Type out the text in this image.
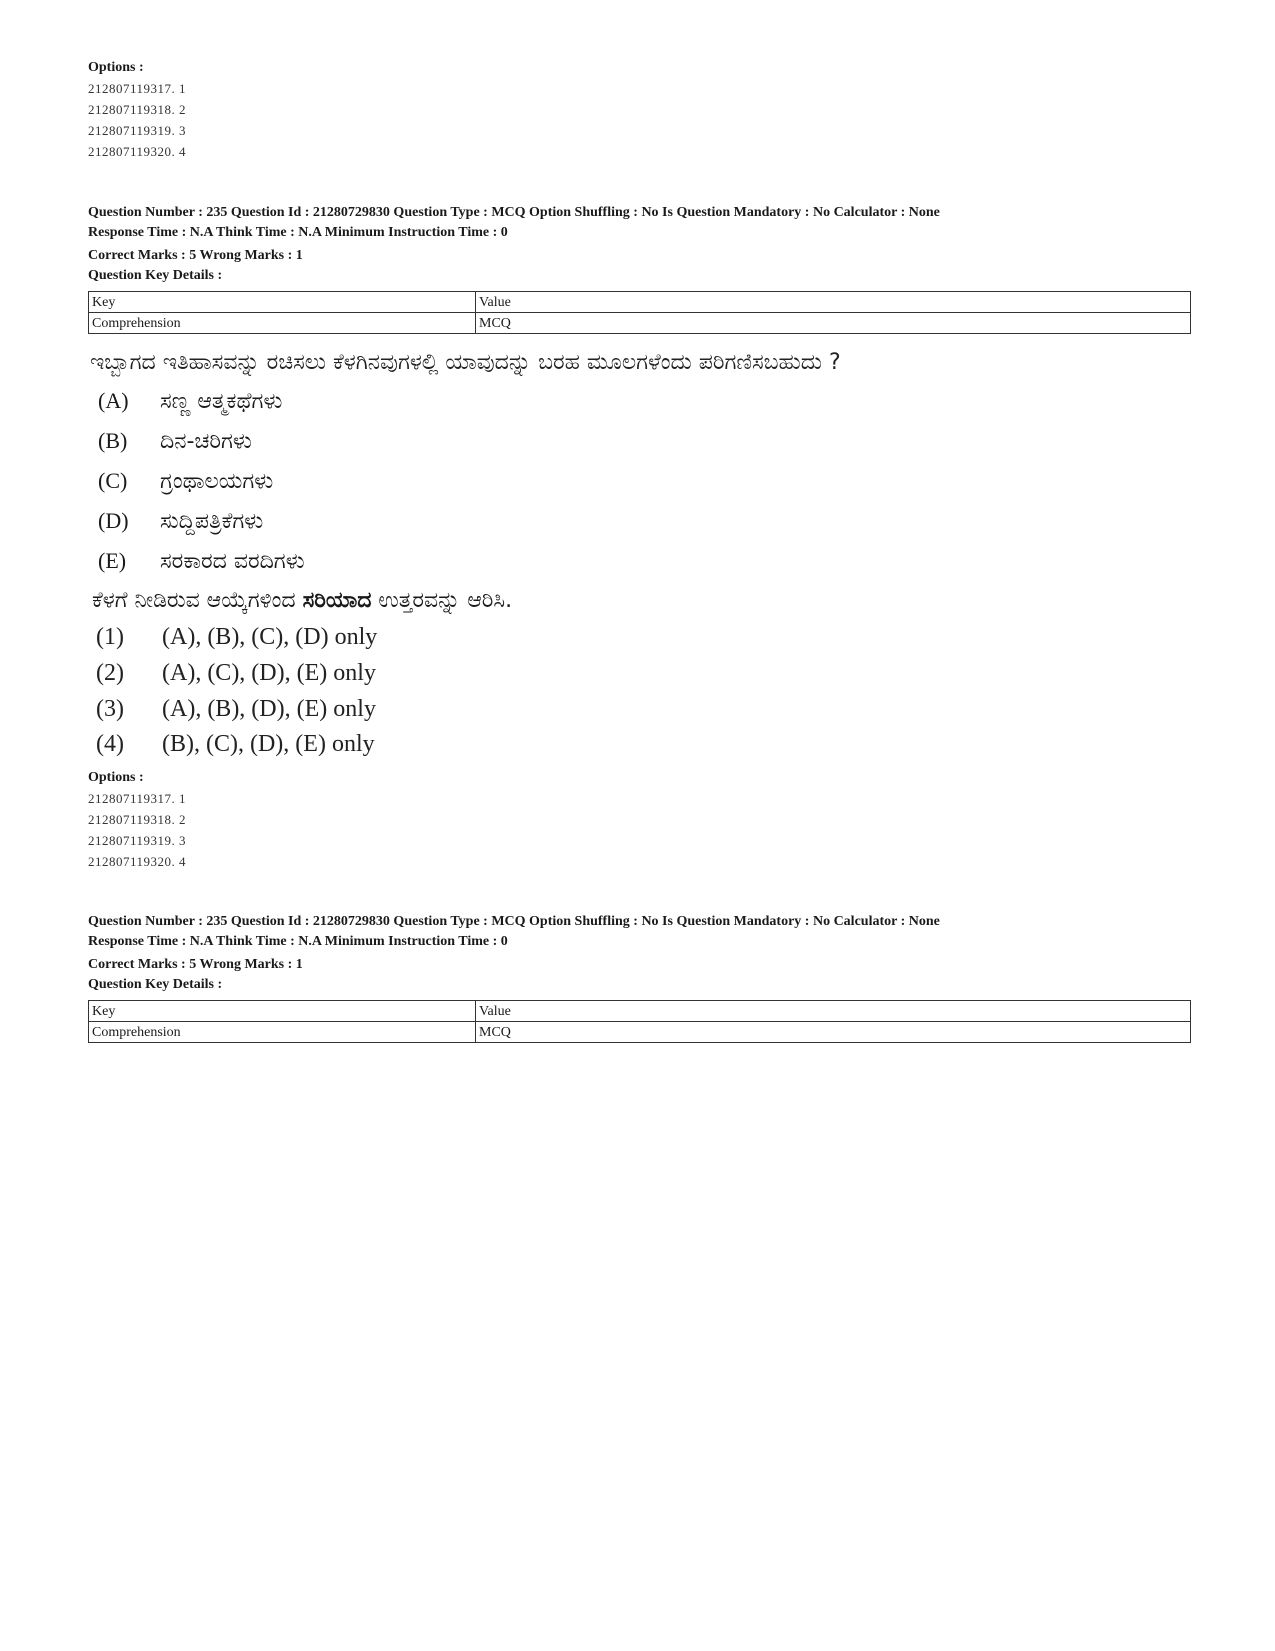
Options :
212807119317. 1
212807119318. 2
212807119319. 3
212807119320. 4
Question Number : 235 Question Id : 21280729830 Question Type : MCQ Option Shuffling : No Is Question Mandatory : No Calculator : None
Response Time : N.A Think Time : N.A Minimum Instruction Time : 0
Correct Marks : 5 Wrong Marks : 1
Question Key Details :
Key	Value
Comprehension	MCQ
ಇಬ್ಬಾಗದ ಇತಿಹಾಸವನ್ನು ರಚಿಸಲು ಕೆಳಗಿನವುಗಳಲ್ಲಿ ಯಾವುದನ್ನು ಬರಹ ಮೂಲಗಳೆಂದು ಪರಿಗಣಿಸಬಹುದು ?
(A) ಸಣ್ಣ ಆತ್ಮಕಥೆಗಳು
(B) ದಿನ-ಚರಿಗಳು
(C) ಗ್ರಂಥಾಲಯಗಳು
(D) ಸುದ್ದಿಪತ್ರಿಕೆಗಳು
(E) ಸರಕಾರದ ವರದಿಗಳು
ಕೆಳಗೆ ನೀಡಿರುವ ಆಯ್ಕೆಗಳಿಂದ ಸರಿಯಾದ ಉತ್ತರವನ್ನು ಆರಿಸಿ.
(1) (A), (B), (C), (D) only
(2) (A), (C), (D), (E) only
(3) (A), (B), (D), (E) only
(4) (B), (C), (D), (E) only
Options :
212807119317. 1
212807119318. 2
212807119319. 3
212807119320. 4
Question Number : 235 Question Id : 21280729830 Question Type : MCQ Option Shuffling : No Is Question Mandatory : No Calculator : None
Response Time : N.A Think Time : N.A Minimum Instruction Time : 0
Correct Marks : 5 Wrong Marks : 1
Question Key Details :
Key	Value
Comprehension	MCQ
